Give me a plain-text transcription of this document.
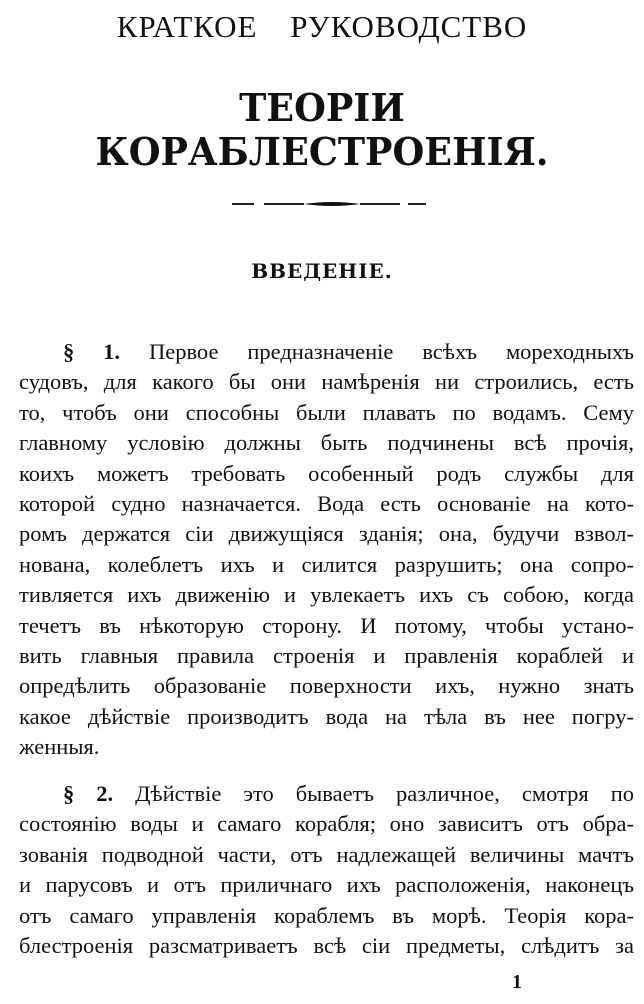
КРАТКОЕ РУКОВОДСТВО
ТЕОРІИ КОРАБЛЕСТРОЕНІЯ.
ВВЕДЕНІЕ.
§ 1. Первое предназначеніе всѣхъ мореходныхъ
судовъ, для какого бы они намѣренія ни строились, есть
то, чтобъ они способны были плавать по водамъ. Сему
главному условію должны быть подчинены всѣ прочія,
коихъ можетъ требовать особенный родъ службы для
которой судно назначается. Вода есть основаніе на кото-
ромъ держатся сіи движущіяся зданія; она, будучи взвол-
нована, колеблетъ ихъ и силится разрушить; она сопро-
тивляется ихъ движенію и увлекаетъ ихъ съ собою, когда
течетъ въ нѣкоторую сторону. И потому, чтобы устано-
вить главныя правила строенія и правленія кораблей и
опредѣлить образованіе поверхности ихъ, нужно знать
какое дѣйствіе производитъ вода на тѣла въ нее погру-
женныя.
§ 2. Дѣйствіе это бываетъ различное, смотря по
состоянію воды и самаго корабля; оно зависитъ отъ обра-
зованія подводной части, отъ надлежащей величины мачтъ
и парусовъ и отъ приличнаго ихъ расположенія, наконецъ
отъ самаго управленія кораблемъ въ морѣ. Теорія кора-
блестроенія разсматриваетъ всѣ сіи предметы, слѣдитъ за
1
